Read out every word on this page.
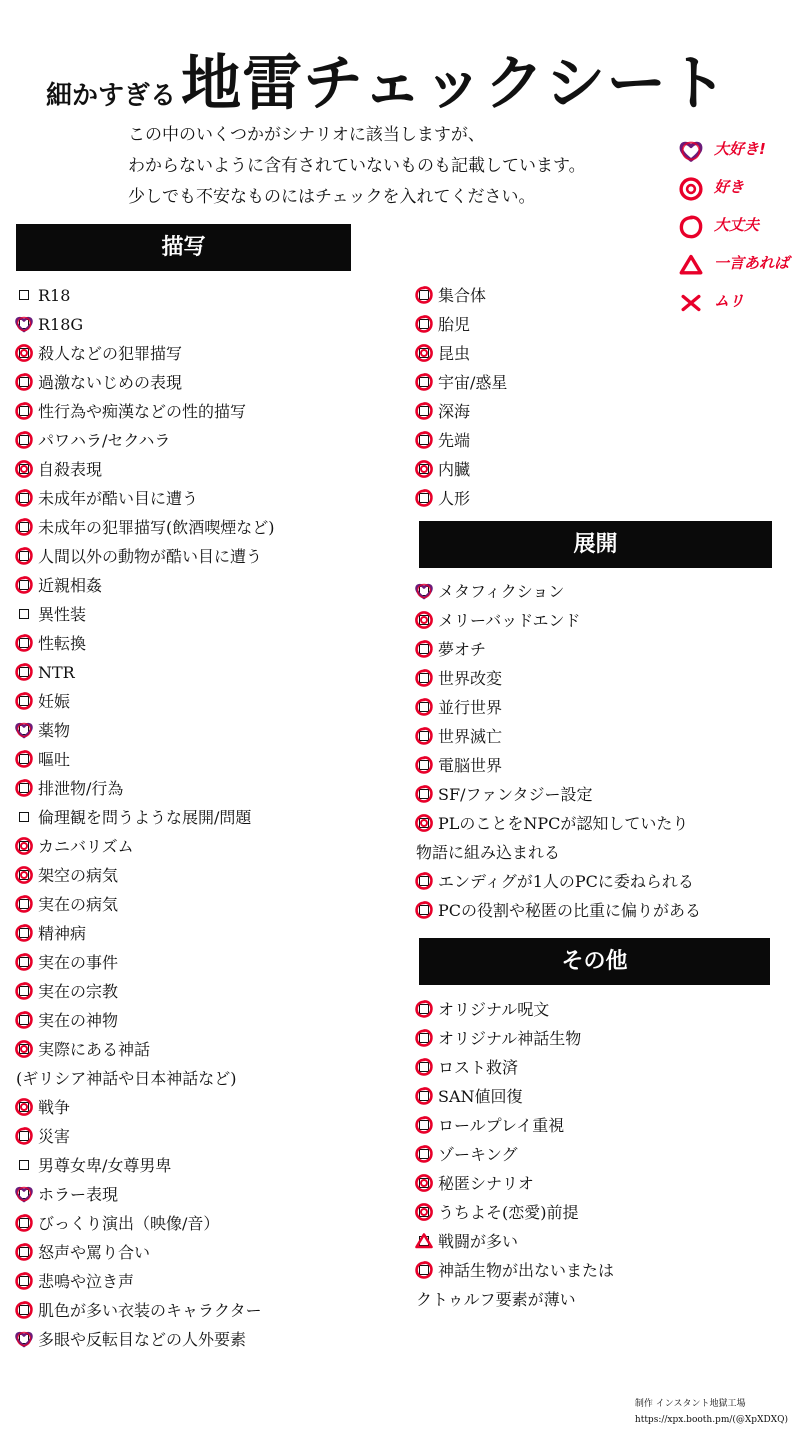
細かすぎる 地雷チェックシート
この中のいくつかがシナリオに該当しますが、
わからないように含有されていないものも記載しています。
少しでも不安なものにはチェックを入れてください。
大好き!
好き
大丈夫
一言あれば
ムリ
描写
R18
R18G
殺人などの犯罪描写
過激ないじめの表現
性行為や痴漢などの性的描写
パワハラ/セクハラ
自殺表現
未成年が酷い目に遭う
未成年の犯罪描写(飲酒喫煙など)
人間以外の動物が酷い目に遭う
近親相姦
異性装
性転換
NTR
妊娠
薬物
嘔吐
排泄物/行為
倫理観を問うような展開/問題
カニバリズム
架空の病気
実在の病気
精神病
実在の事件
実在の宗教
実在の神物
実際にある神話
(ギリシア神話や日本神話など)
戦争
災害
男尊女卑/女尊男卑
ホラー表現
びっくり演出（映像/音）
怒声や罵り合い
悲鳴や泣き声
肌色が多い衣装のキャラクター
多眼や反転目などの人外要素
集合体
胎児
昆虫
宇宙/惑星
深海
先端
内臓
人形
展開
メタフィクション
メリーバッドエンド
夢オチ
世界改変
並行世界
世界滅亡
電脳世界
SF/ファンタジー設定
PLのことをNPCが認知していたり
物語に組み込まれる
エンディグが1人のPCに委ねられる
PCの役割や秘匿の比重に偏りがある
その他
オリジナル呪文
オリジナル神話生物
ロスト救済
SAN値回復
ロールプレイ重視
ゾーキング
秘匿シナリオ
うちよそ(恋愛)前提
戦闘が多い
神話生物が出ないまたは
クトゥルフ要素が薄い
制作 インスタント地獄工場
https://xpx.booth.pm/(@XpXDXQ)
